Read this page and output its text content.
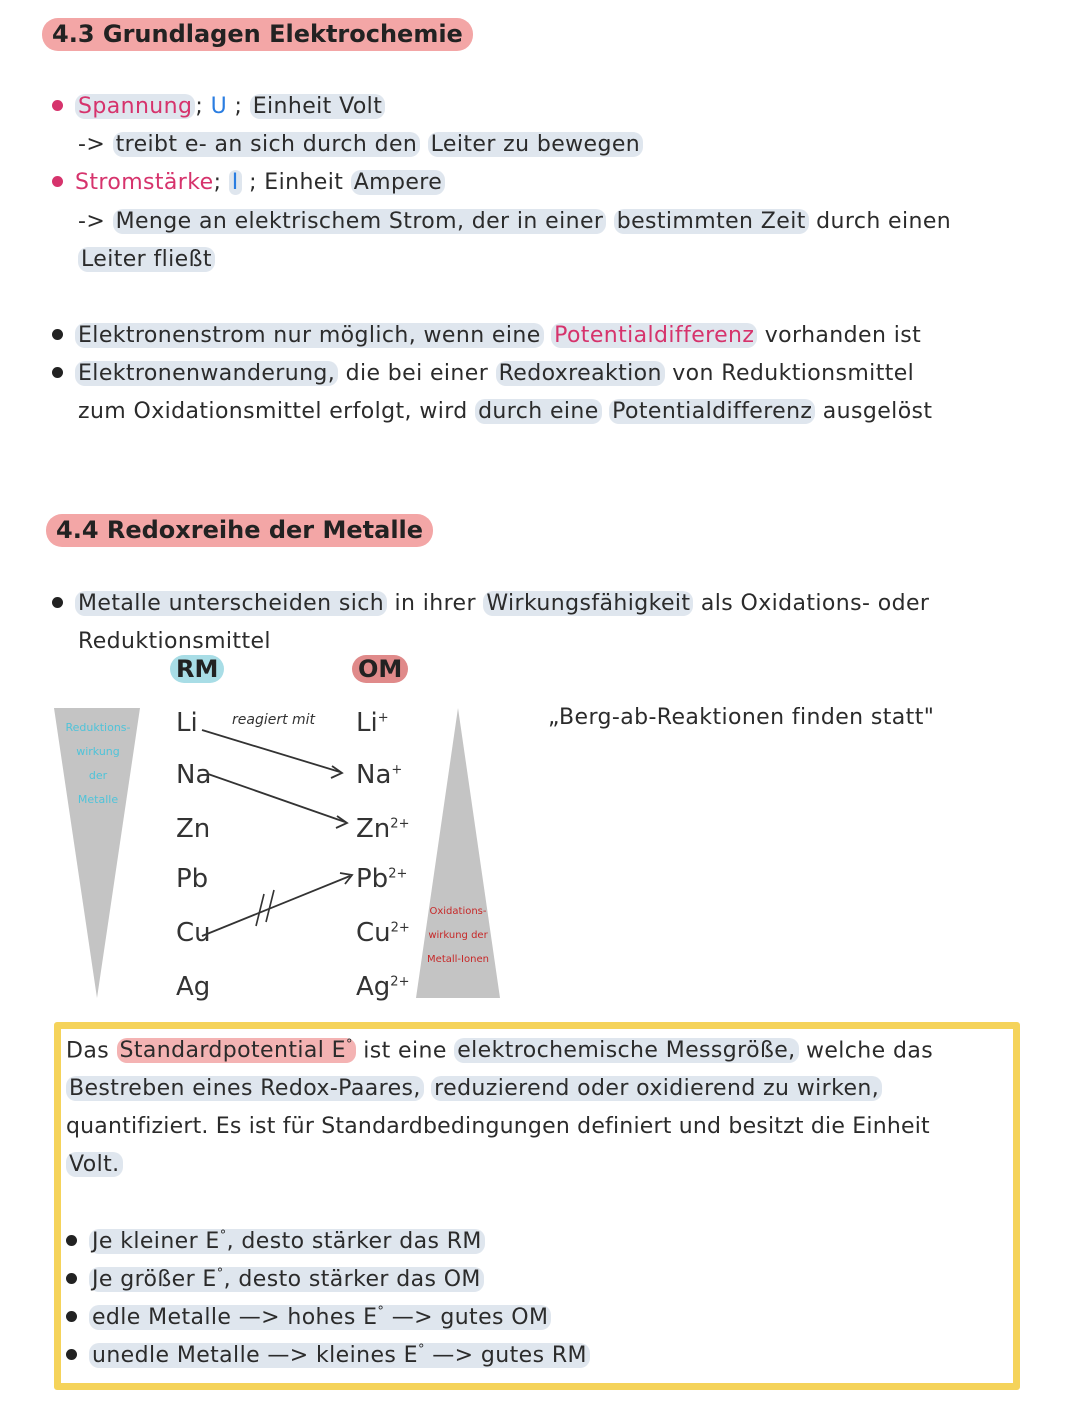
4.3 Grundlagen Elektrochemie
Spannung ; U ; Einheit Volt
-> treibt e- an sich durch den Leiter zu bewegen
Stromstärke; I ; Einheit Ampere
-> Menge an elektrischem Strom, der in einer bestimmten Zeit durch einen
Leiter fließt
Elektronenstrom nur möglich, wenn eine Potentialdifferenz vorhanden ist
Elektronenwanderung, die bei einer Redoxreaktion von Reduktionsmittel
zum Oxidationsmittel erfolgt, wird durch eine Potentialdifferenz ausgelöst
4.4 Redoxreihe der Metalle
Metalle unterscheiden sich in ihrer Wirkungsfähigkeit als Oxidations- oder
Reduktionsmittel
RM	OM
reagiert mit
Reduktions-
wirkung
der
Metalle
Oxidations-
wirkung der
Metall-Ionen
Li
Na
Zn
Pb
Cu
Ag
Li+
Na+
$Zn^{2+}$
$Pb^{2+}$
$Cu^{2+}$
$Ag^{2+}$
„Berg-ab-Reaktionen finden statt"
Das Standardpotential E° ist eine elektrochemische Messgröße, welche das
Bestreben eines Redox-Paares, reduzierend oder oxidierend zu wirken,
quantifiziert. Es ist für Standardbedingungen definiert und besitzt die Einheit
Volt.
Je kleiner E°, desto stärker das RM
Je größer E°, desto stärker das OM
edle Metalle —> hohes E° —> gutes OM
unedle Metalle —> kleines E° —> gutes RM
